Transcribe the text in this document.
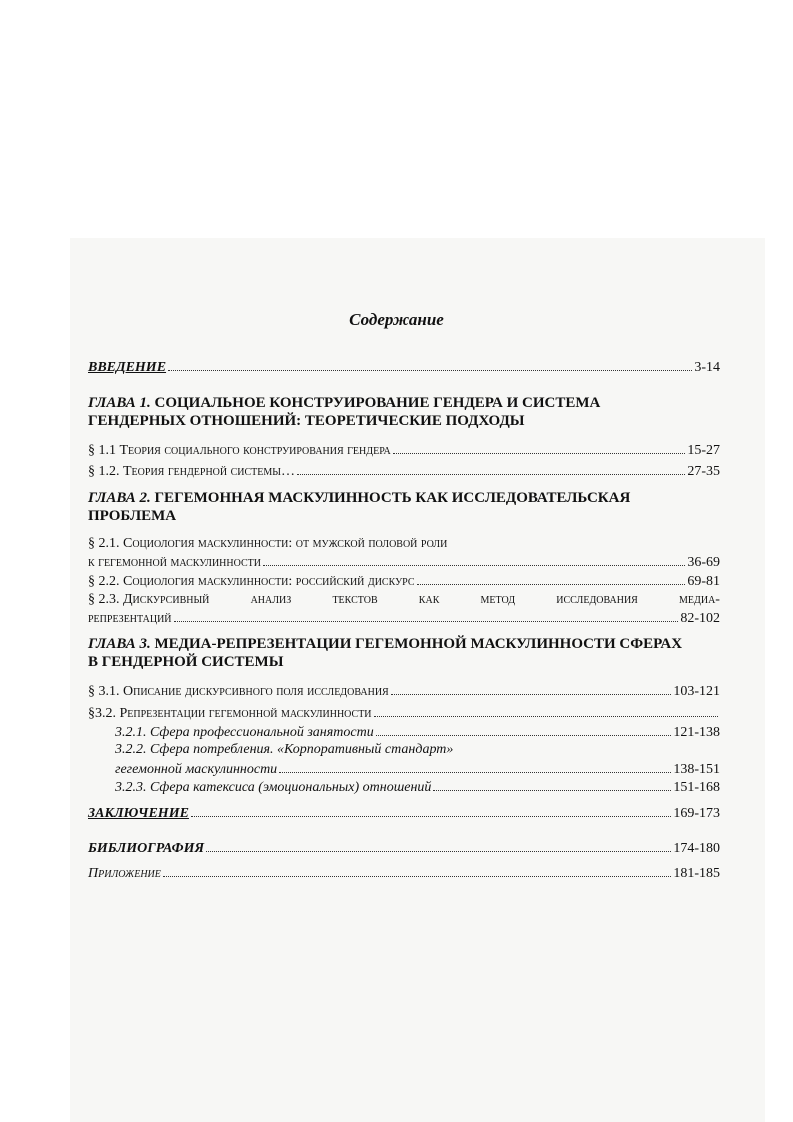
Содержание
ВВЕДЕНИЕ	3-14
ГЛАВА 1. СОЦИАЛЬНОЕ КОНСТРУИРОВАНИЕ ГЕНДЕРА И СИСТЕМА
ГЕНДЕРНЫХ ОТНОШЕНИЙ: ТЕОРЕТИЧЕСКИЕ ПОДХОДЫ
§ 1.1 Теория социального конструирования гендера	15-27
§ 1.2. Теория гендерной системы…	27-35
ГЛАВА 2. ГЕГЕМОННАЯ МАСКУЛИННОСТЬ КАК ИССЛЕДОВАТЕЛЬСКАЯ
ПРОБЛЕМА
§ 2.1. Социология маскулинности: от мужской половой роли
к гегемонной маскулинности	36-69
§ 2.2. Социология маскулинности: российский дискурс	69-81
§ 2.3. Дискурсивный	анализ	текстов	как	метод	исследования	медиа-
репрезентаций	82-102
ГЛАВА 3. МЕДИА-РЕПРЕЗЕНТАЦИИ ГЕГЕМОННОЙ МАСКУЛИННОСТИ СФЕРАХ
В ГЕНДЕРНОЙ СИСТЕМЫ
§ 3.1. Описание дискурсивного поля исследования	103-121
§3.2. Репрезентации гегемонной маскулинности
3.2.1. Сфера профессиональной занятости	121-138
3.2.2. Сфера потребления. «Корпоративный стандарт»
гегемонной маскулинности	138-151
3.2.3. Сфера катексиса (эмоциональных) отношений	151-168
ЗАКЛЮЧЕНИЕ	169-173
БИБЛИОГРАФИЯ	174-180
Приложение	181-185
